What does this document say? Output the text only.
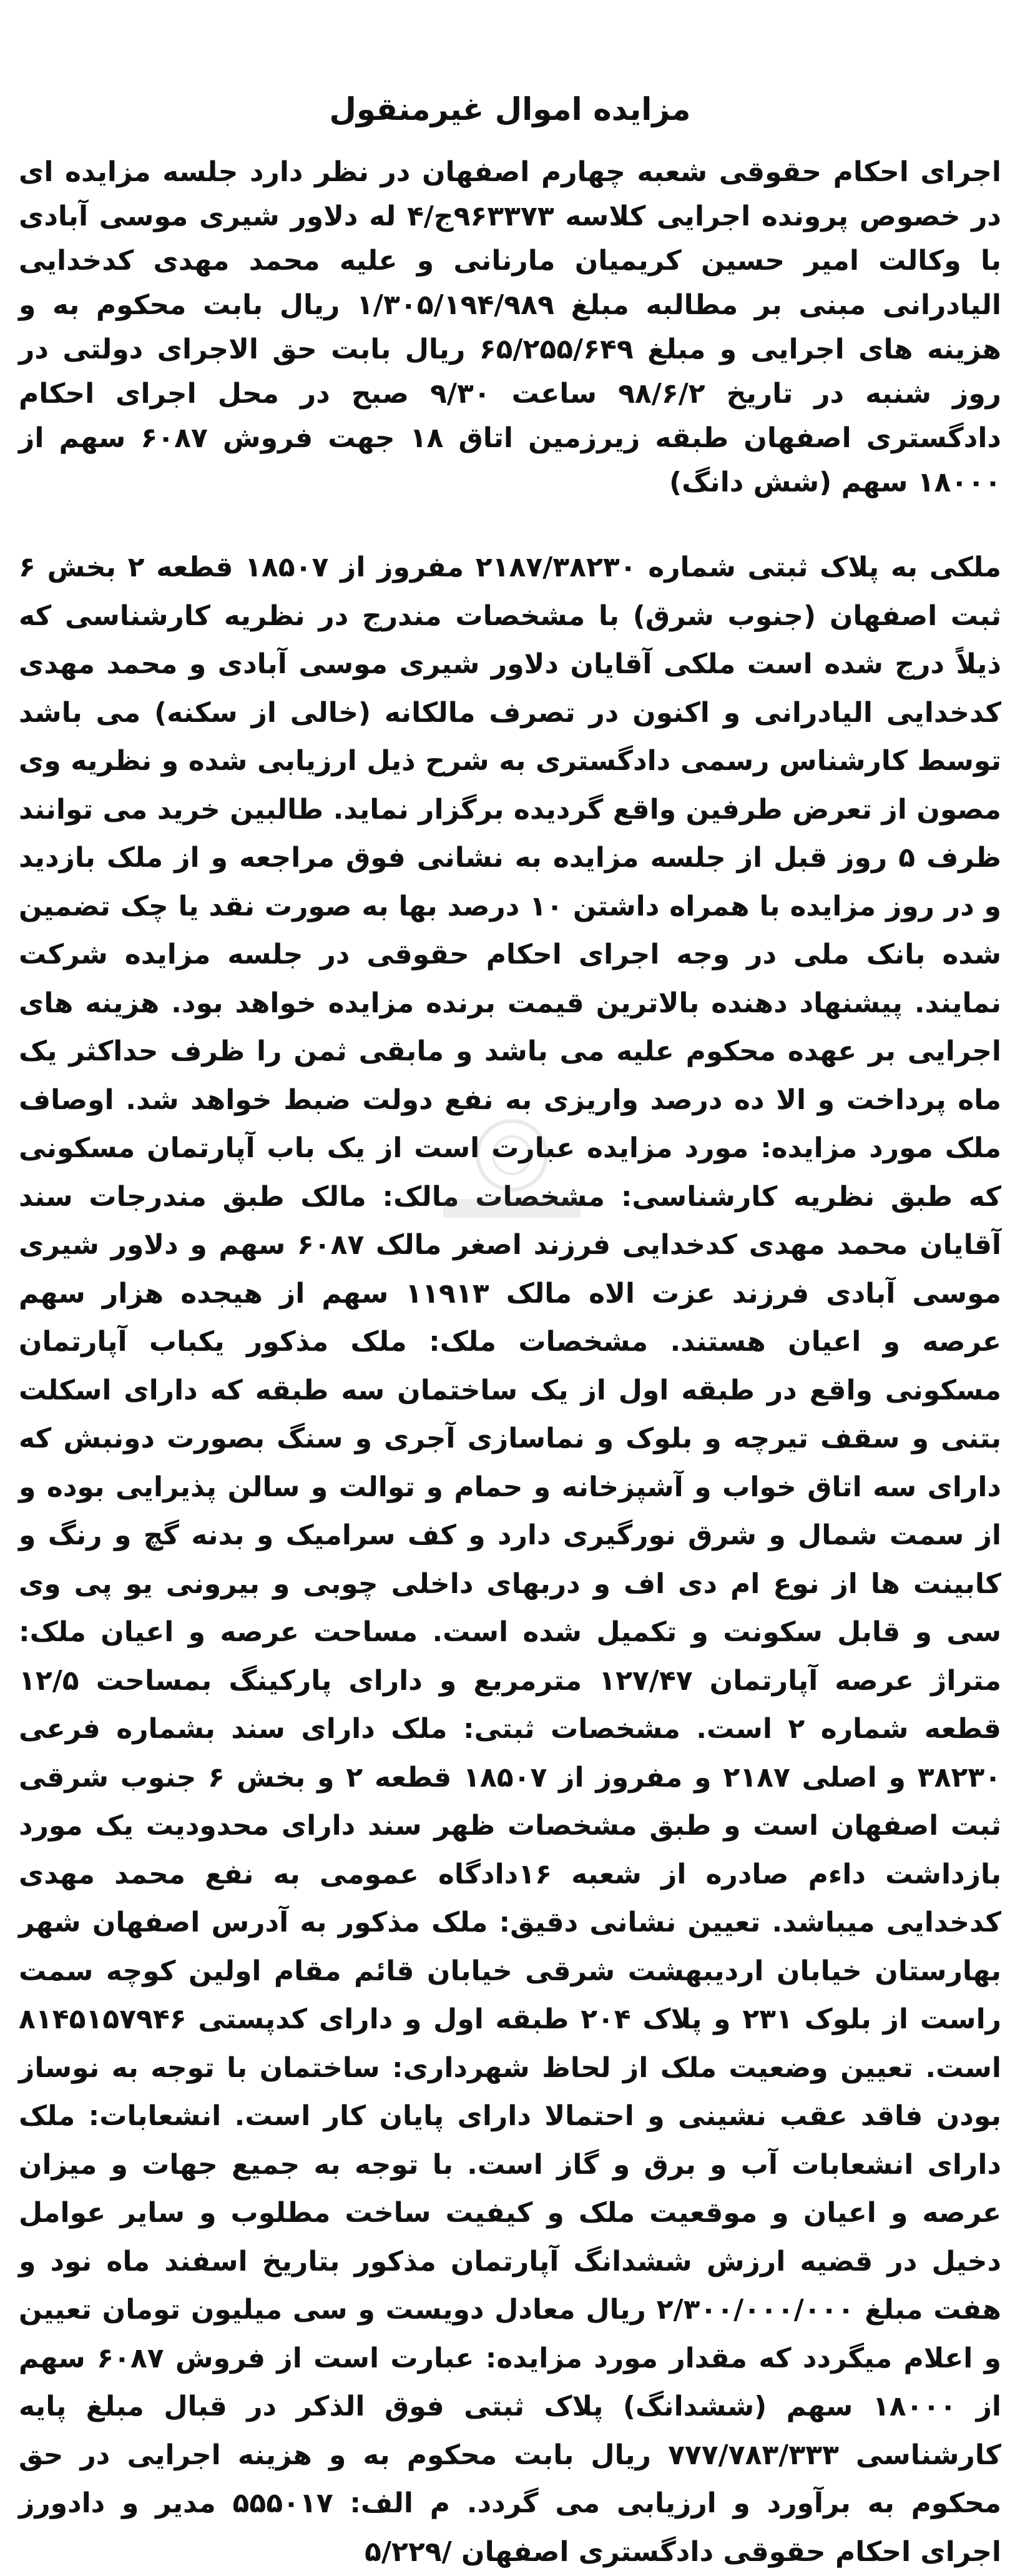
مزایده اموال غیرمنقول

اجرای احکام حقوقی شعبه چهارم اصفهان در نظر دارد جلسه مزایده ای در خصوص پرونده اجرایی کلاسه ۹۶۳۳۷۳ج/۴ له دلاور شیری موسی آبادی با وکالت امیر حسین کریمیان مارنانی و علیه محمد مهدی کدخدایی الیادرانی مبنی بر مطالبه مبلغ ۱/۳۰۵/۱۹۴/۹۸۹ ریال بابت محکوم به و هزینه های اجرایی و مبلغ ۶۵/۲۵۵/۶۴۹ ریال بابت حق الاجرای دولتی در روز شنبه در تاریخ ۹۸/۶/۲ ساعت ۹/۳۰ صبح در محل اجرای احکام دادگستری اصفهان طبقه زیرزمین اتاق ۱۸ جهت فروش ۶۰۸۷ سهم از ۱۸۰۰۰ سهم (شش دانگ)

ملکی به پلاک ثبتی شماره ۲۱۸۷/۳۸۲۳۰ مفروز از ۱۸۵۰۷ قطعه ۲ بخش ۶ ثبت اصفهان (جنوب شرق) با مشخصات مندرج در نظریه کارشناسی که ذیلاً درج شده است ملکی آقایان دلاور شیری موسی آبادی و محمد مهدی کدخدایی الیادرانی و اکنون در تصرف مالکانه (خالی از سکنه) می باشد توسط کارشناس رسمی دادگستری به شرح ذیل ارزیابی شده و نظریه وی مصون از تعرض طرفین واقع گردیده برگزار نماید. طالبین خرید می توانند ظرف ۵ روز قبل از جلسه مزایده به نشانی فوق مراجعه و از ملک بازدید و در روز مزایده با همراه داشتن ۱۰ درصد بها به صورت نقد یا چک تضمین شده بانک ملی در وجه اجرای احکام حقوقی در جلسه مزایده شرکت نمایند. پیشنهاد دهنده بالاترین قیمت برنده مزایده خواهد بود. هزینه های اجرایی بر عهده محکوم علیه می باشد و مابقی ثمن را ظرف حداکثر یک ماه پرداخت و الا ده درصد واریزی به نفع دولت ضبط خواهد شد. اوصاف ملک مورد مزایده: مورد مزایده عبارت است از یک باب آپارتمان مسکونی که طبق نظریه کارشناسی: مشخصات مالک: مالک طبق مندرجات سند آقایان محمد مهدی کدخدایی فرزند اصغر مالک ۶۰۸۷ سهم و دلاور شیری موسی آبادی فرزند عزت الاه مالک ۱۱۹۱۳ سهم از هیجده هزار سهم عرصه و اعیان هستند. مشخصات ملک: ملک مذکور یکباب آپارتمان مسکونی واقع در طبقه اول از یک ساختمان سه طبقه که دارای اسکلت بتنی و سقف تیرچه و بلوک و نماسازی آجری و سنگ بصورت دونبش که دارای سه اتاق خواب و آشپزخانه و حمام و توالت و سالن پذیرایی بوده و از سمت شمال و شرق نورگیری دارد و کف سرامیک و بدنه گچ و رنگ و کابینت ها از نوع ام دی اف و دربهای داخلی چوبی و بیرونی یو پی وی سی و قابل سکونت و تکمیل شده است. مساحت عرصه و اعیان ملک: متراژ عرصه آپارتمان ۱۲۷/۴۷ مترمربع و دارای پارکینگ بمساحت ۱۲/۵ قطعه شماره ۲ است. مشخصات ثبتی: ملک دارای سند بشماره فرعی ۳۸۲۳۰ و اصلی ۲۱۸۷ و مفروز از ۱۸۵۰۷ قطعه ۲ و بخش ۶ جنوب شرقی ثبت اصفهان است و طبق مشخصات ظهر سند دارای محدودیت یک مورد بازداشت داءم صادره از شعبه ۱۶دادگاه عمومی به نفع محمد مهدی کدخدایی میباشد. تعیین نشانی دقیق: ملک مذکور به آدرس اصفهان شهر بهارستان خیابان اردیبهشت شرقی خیابان قائم مقام اولین کوچه سمت راست از بلوک ۲۳۱ و پلاک ۲۰۴ طبقه اول و دارای کدپستی ۸۱۴۵۱۵۷۹۴۶ است. تعیین وضعیت ملک از لحاظ شهرداری: ساختمان با توجه به نوساز بودن فاقد عقب نشینی و احتمالا دارای پایان کار است. انشعابات: ملک دارای انشعابات آب و برق و گاز است. با توجه به جمیع جهات و میزان عرصه و اعیان و موقعیت ملک و کیفیت ساخت مطلوب و سایر عوامل دخیل در قضیه ارزش ششدانگ آپارتمان مذکور بتاریخ اسفند ماه نود و هفت مبلغ ۲/۳۰۰/۰۰۰/۰۰۰ ریال معادل دویست و سی میلیون تومان تعیین و اعلام میگردد که مقدار مورد مزایده: عبارت است از فروش ۶۰۸۷ سهم از ۱۸۰۰۰ سهم (ششدانگ) پلاک ثبتی فوق الذکر در قبال مبلغ پایه کارشناسی ۷۷۷/۷۸۳/۳۳۳ ریال بابت محکوم به و هزینه اجرایی در حق محکوم به برآورد و ارزیابی می گردد. م الف: ۵۵۵۰۱۷ مدیر و دادورز اجرای احکام حقوقی دادگستری اصفهان /۵/۲۲۹
